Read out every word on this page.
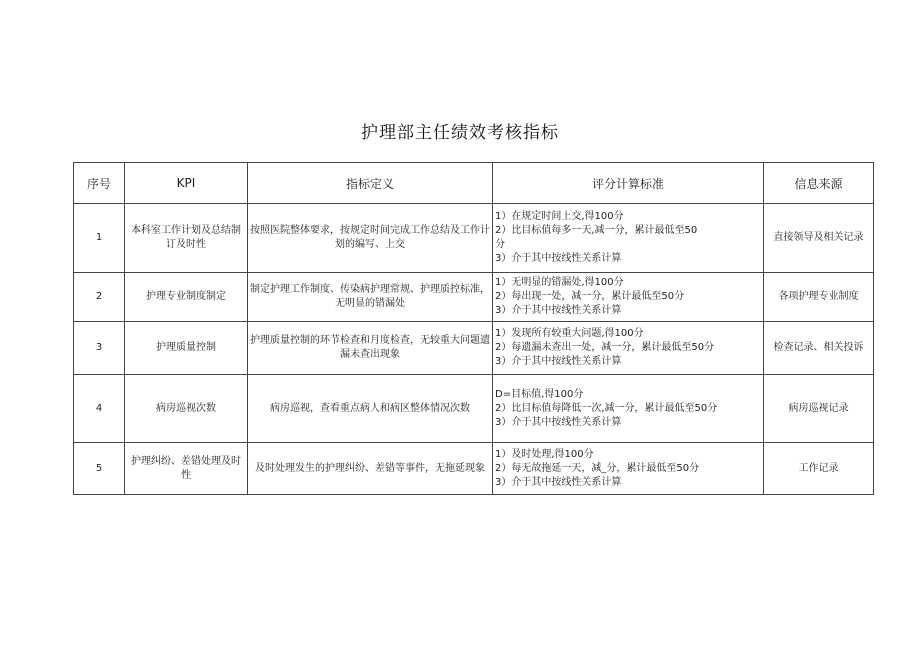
护理部主任绩效考核指标
序号	KPI	指标定义	评分计算标准	信息来源
1	本科室工作计划及总结制订及时性	按照医院整体要求，按规定时间完成工作总结及工作计划的编写、上交	1）在规定时间上交,得100分
2）比目标值每多一天,减一分，累计最低至50
分
3）介于其中按线性关系计算	直接领导及相关记录
2	护理专业制度制定	制定护理工作制度、传染病护理常规、护理质控标准，无明显的错漏处	1）无明显的错漏处,得100分
2）每出现一处，减一分，累计最低至50分
3）介于其中按线性关系计算	各项护理专业制度
3	护理质量控制	护理质量控制的环节检查和月度检查，无较重大问题遗漏未查出现象	1）发现所有较重大问题,得100分
2）每遗漏未查出一处，减一分，累计最低至50分
3）介于其中按线性关系计算	检查记录、相关投诉
4	病房巡视次数	病房巡视，查看重点病人和病区整体情况次数	D=目标值,得100分
2）比目标值每降低一次,减一分，累计最低至50分
3）介于其中按线性关系计算	病房巡视记录
5	护理纠纷、差错处理及时性	及时处理发生的护理纠纷、差错等事件，无拖延现象	1）及时处理,得100分
2）每无故拖延一天，减_分，累计最低至50分
3）介于其中按线性关系计算	工作记录
